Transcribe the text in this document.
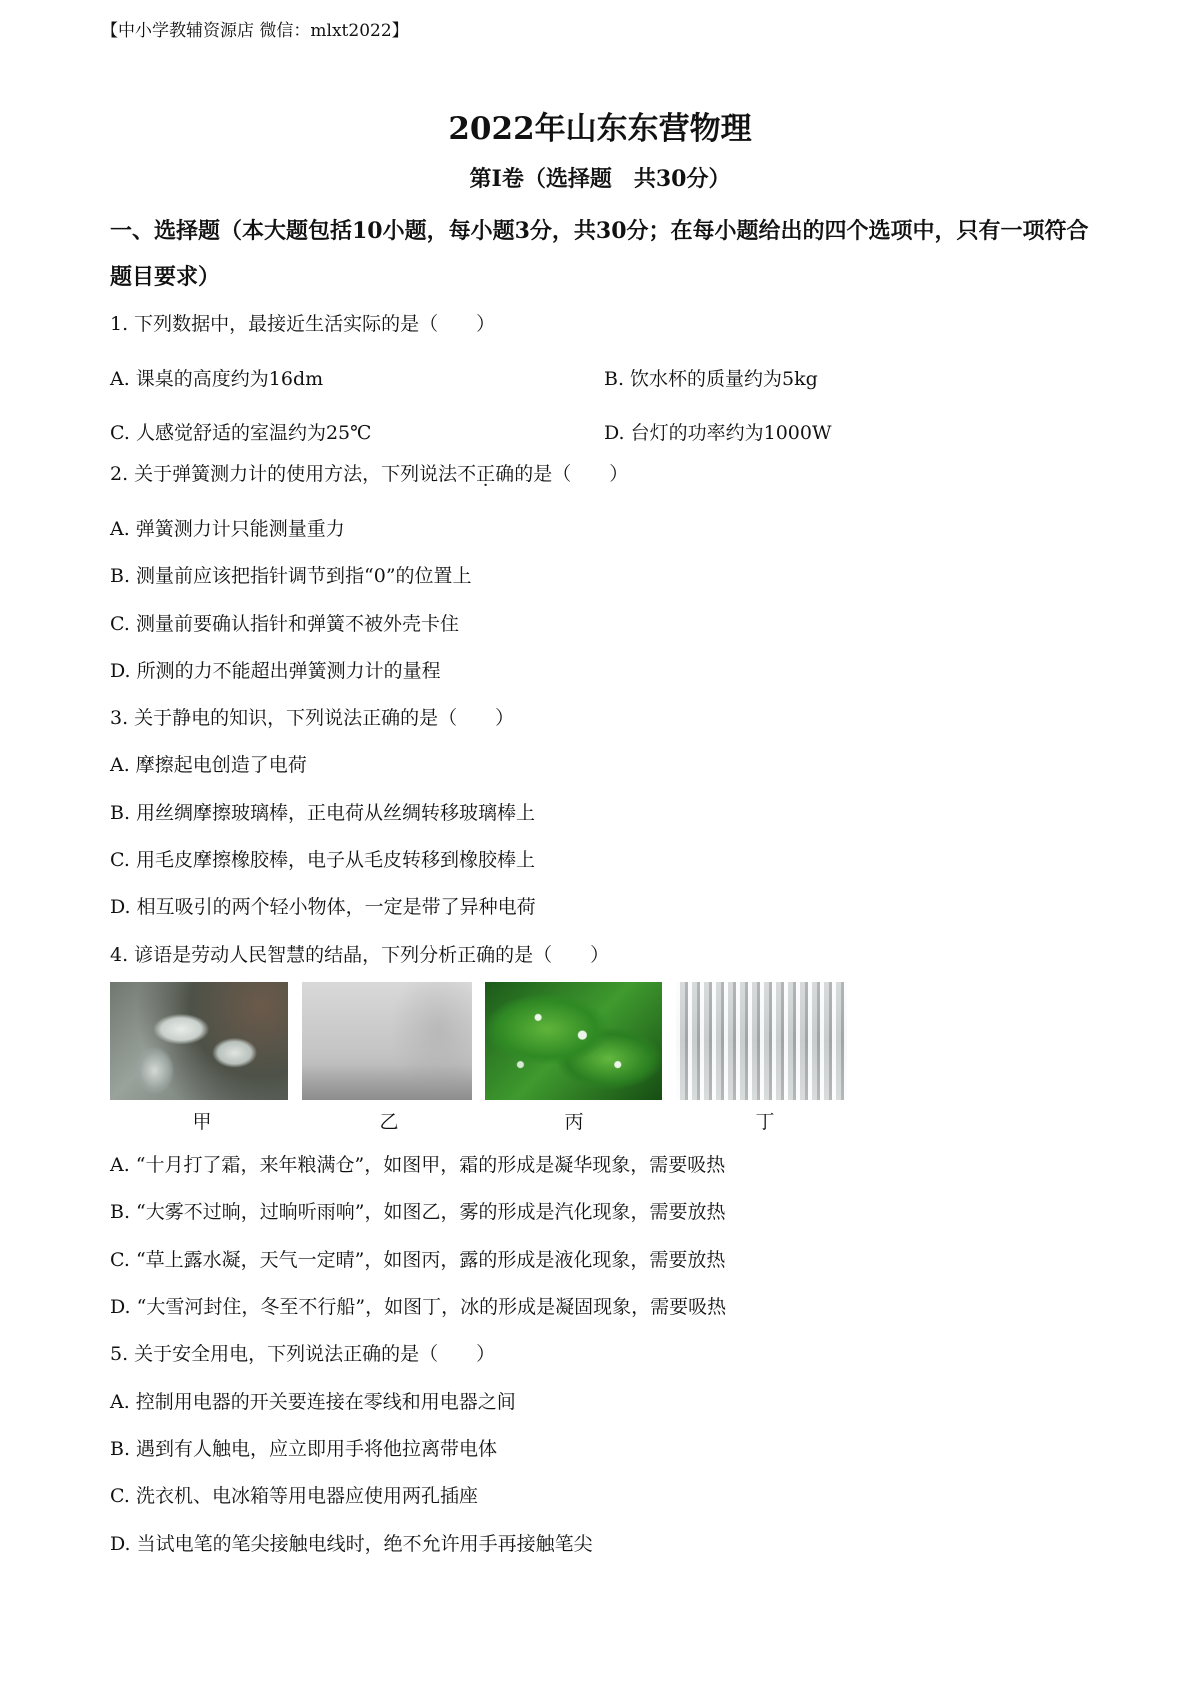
【中小学教辅资源店 微信：mlxt2022】
2022年山东东营物理
第Ⅰ卷（选择题　共30分）
一、选择题（本大题包括10小题，每小题3分，共30分；在每小题给出的四个选项中，只有一项符合题目要求）
1. 下列数据中，最接近生活实际的是（　　）
A. 课桌的高度约为16dm	B. 饮水杯的质量约为5kg
C. 人感觉舒适的室温约为25℃	D. 台灯的功率约为1000W
2. 关于弹簧测力计的使用方法，下列说法不正确的是（　　）
A. 弹簧测力计只能测量重力
B. 测量前应该把指针调节到指“0”的位置上
C. 测量前要确认指针和弹簧不被外壳卡住
D. 所测的力不能超出弹簧测力计的量程
3. 关于静电的知识，下列说法正确的是（　　）
A. 摩擦起电创造了电荷
B. 用丝绸摩擦玻璃棒，正电荷从丝绸转移玻璃棒上
C. 用毛皮摩擦橡胶棒，电子从毛皮转移到橡胶棒上
D. 相互吸引的两个轻小物体，一定是带了异种电荷
4. 谚语是劳动人民智慧的结晶，下列分析正确的是（　　）
甲	乙	丙	丁
A. “十月打了霜，来年粮满仓”，如图甲，霜的形成是凝华现象，需要吸热
B. “大雾不过晌，过晌听雨响”，如图乙，雾的形成是汽化现象，需要放热
C. “草上露水凝，天气一定晴”，如图丙，露的形成是液化现象，需要放热
D. “大雪河封住，冬至不行船”，如图丁，冰的形成是凝固现象，需要吸热
5. 关于安全用电，下列说法正确的是（　　）
A. 控制用电器的开关要连接在零线和用电器之间
B. 遇到有人触电，应立即用手将他拉离带电体
C. 洗衣机、电冰箱等用电器应使用两孔插座
D. 当试电笔的笔尖接触电线时，绝不允许用手再接触笔尖
